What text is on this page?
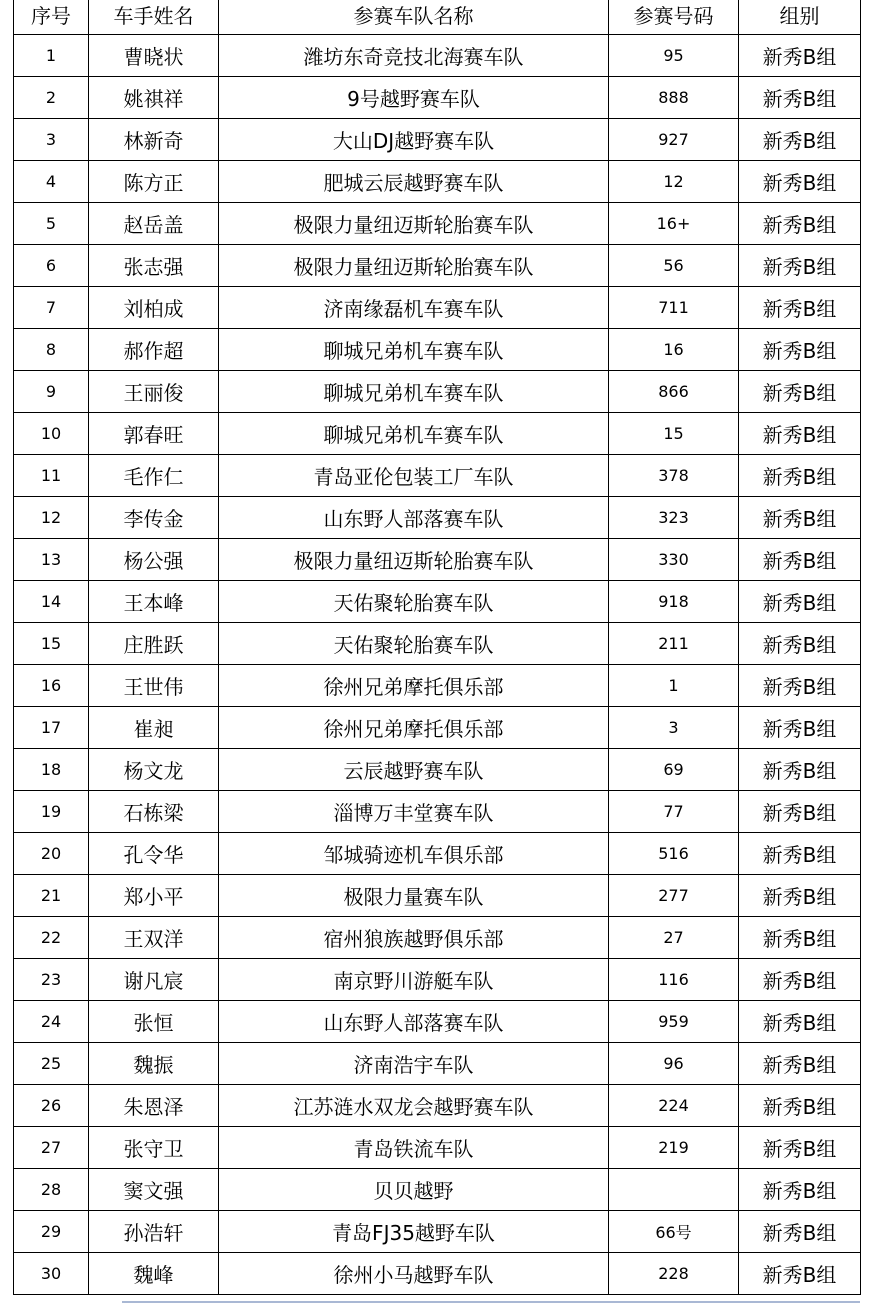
序号	车手姓名	参赛车队名称	参赛号码	组别
1	曹晓状	潍坊东奇竞技北海赛车队	95	新秀B组
2	姚祺祥	9号越野赛车队	888	新秀B组
3	林新奇	大山DJ越野赛车队	927	新秀B组
4	陈方正	肥城云辰越野赛车队	12	新秀B组
5	赵岳盖	极限力量纽迈斯轮胎赛车队	16+	新秀B组
6	张志强	极限力量纽迈斯轮胎赛车队	56	新秀B组
7	刘柏成	济南缘磊机车赛车队	711	新秀B组
8	郝作超	聊城兄弟机车赛车队	16	新秀B组
9	王丽俊	聊城兄弟机车赛车队	866	新秀B组
10	郭春旺	聊城兄弟机车赛车队	15	新秀B组
11	毛作仁	青岛亚伦包装工厂车队	378	新秀B组
12	李传金	山东野人部落赛车队	323	新秀B组
13	杨公强	极限力量纽迈斯轮胎赛车队	330	新秀B组
14	王本峰	天佑聚轮胎赛车队	918	新秀B组
15	庄胜跃	天佑聚轮胎赛车队	211	新秀B组
16	王世伟	徐州兄弟摩托俱乐部	1	新秀B组
17	崔昶	徐州兄弟摩托俱乐部	3	新秀B组
18	杨文龙	云辰越野赛车队	69	新秀B组
19	石栋梁	淄博万丰堂赛车队	77	新秀B组
20	孔令华	邹城骑迹机车俱乐部	516	新秀B组
21	郑小平	极限力量赛车队	277	新秀B组
22	王双洋	宿州狼族越野俱乐部	27	新秀B组
23	谢凡宸	南京野川游艇车队	116	新秀B组
24	张恒	山东野人部落赛车队	959	新秀B组
25	魏振	济南浩宇车队	96	新秀B组
26	朱恩泽	江苏涟水双龙会越野赛车队	224	新秀B组
27	张守卫	青岛铁流车队	219	新秀B组
28	窦文强	贝贝越野		新秀B组
29	孙浩轩	青岛FJ35越野车队	66号	新秀B组
30	魏峰	徐州小马越野车队	228	新秀B组
